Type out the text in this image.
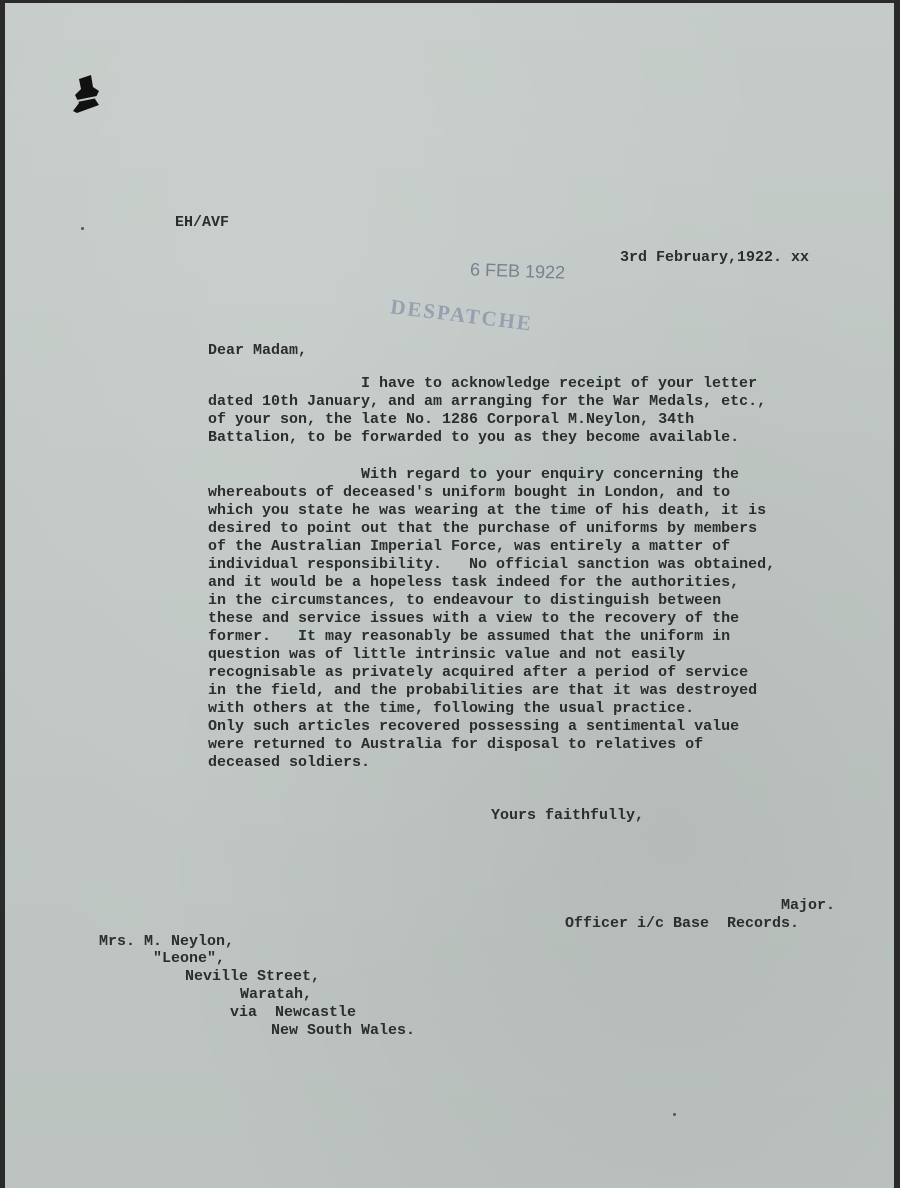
EH/AVF

3rd February,1922. xx

6 FEB 1922
DESPATCHE

Dear Madam,

I have to acknowledge receipt of your letter
dated 10th January, and am arranging for the War Medals, etc.,
of your son, the late No. 1286 Corporal M.Neylon, 34th
Battalion, to be forwarded to you as they become available.
With regard to your enquiry concerning the
whereabouts of deceased's uniform bought in London, and to
which you state he was wearing at the time of his death, it is
desired to point out that the purchase of uniforms by members
of the Australian Imperial Force, was entirely a matter of
individual responsibility.   No official sanction was obtained,
and it would be a hopeless task indeed for the authorities,
in the circumstances, to endeavour to distinguish between
these and service issues with a view to the recovery of the
former.   It may reasonably be assumed that the uniform in
question was of little intrinsic value and not easily
recognisable as privately acquired after a period of service
in the field, and the probabilities are that it was destroyed
with others at the time, following the usual practice.
Only such articles recovered possessing a sentimental value
were returned to Australia for disposal to relatives of
deceased soldiers.

Yours faithfully,

Major.

Officer i/c Base  Records.

Mrs. M. Neylon,

"Leone",

Neville Street,

Waratah,

via  Newcastle

New South Wales.
